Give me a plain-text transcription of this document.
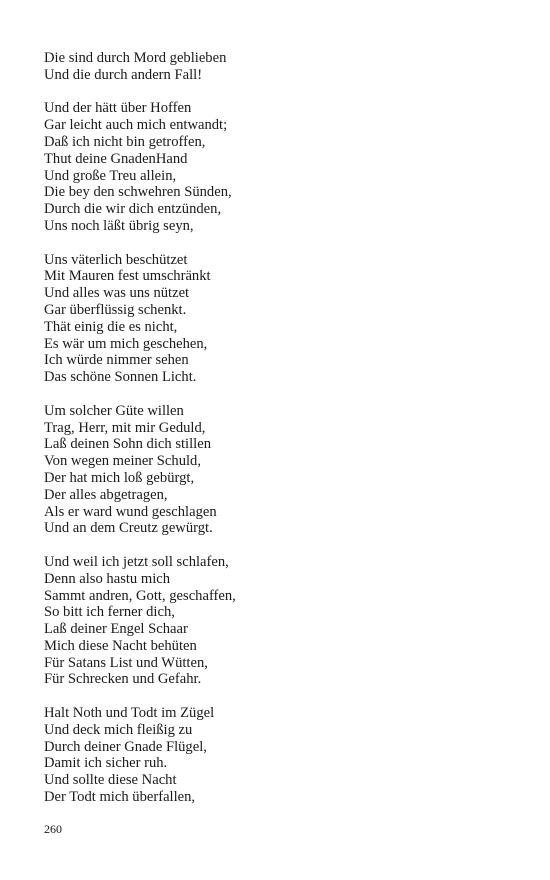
Die sind durch Mord geblieben
Und die durch andern Fall!
Und der hätt über Hoffen
Gar leicht auch mich entwandt;
Daß ich nicht bin getroffen,
Thut deine GnadenHand
Und große Treu allein,
Die bey den schwehren Sünden,
Durch die wir dich entzünden,
Uns noch läßt übrig seyn,
Uns väterlich beschützet
Mit Mauren fest umschränkt
Und alles was uns nützet
Gar überflüssig schenkt.
Thät einig die es nicht,
Es wär um mich geschehen,
Ich würde nimmer sehen
Das schöne Sonnen Licht.
Um solcher Güte willen
Trag, Herr, mit mir Geduld,
Laß deinen Sohn dich stillen
Von wegen meiner Schuld,
Der hat mich loß gebürgt,
Der alles abgetragen,
Als er ward wund geschlagen
Und an dem Creutz gewürgt.
Und weil ich jetzt soll schlafen,
Denn also hastu mich
Sammt andren, Gott, geschaffen,
So bitt ich ferner dich,
Laß deiner Engel Schaar
Mich diese Nacht behüten
Für Satans List und Wütten,
Für Schrecken und Gefahr.
Halt Noth und Todt im Zügel
Und deck mich fleißig zu
Durch deiner Gnade Flügel,
Damit ich sicher ruh.
Und sollte diese Nacht
Der Todt mich überfallen,
260
